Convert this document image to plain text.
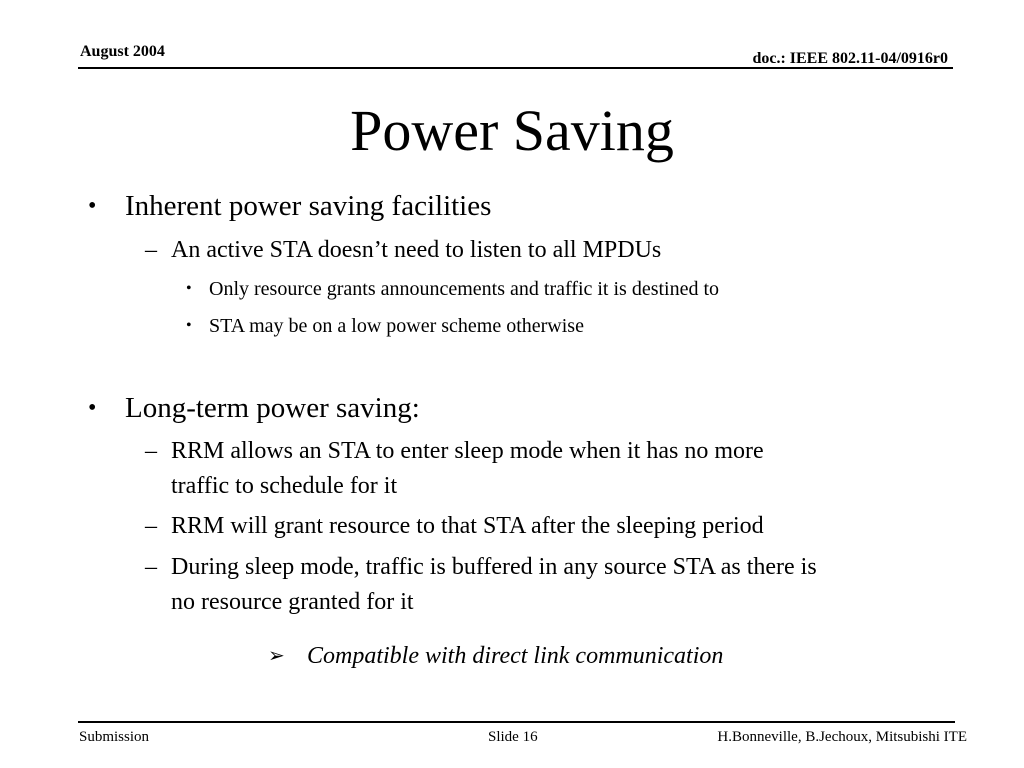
August 2004	doc.: IEEE 802.11-04/0916r0
Power Saving
• Inherent power saving facilities
– An active STA doesn’t need to listen to all MPDUs
• Only resource grants announcements and traffic it is destined to
• STA may be on a low power scheme otherwise
• Long-term power saving:
– RRM allows an STA to enter sleep mode when it has no more
traffic to schedule for it
– RRM will grant resource to that STA after the sleeping period
– During sleep mode, traffic is buffered in any source STA as there is
no resource granted for it
➢ Compatible with direct link communication
Submission	Slide 16	H.Bonneville, B.Jechoux, Mitsubishi ITE
